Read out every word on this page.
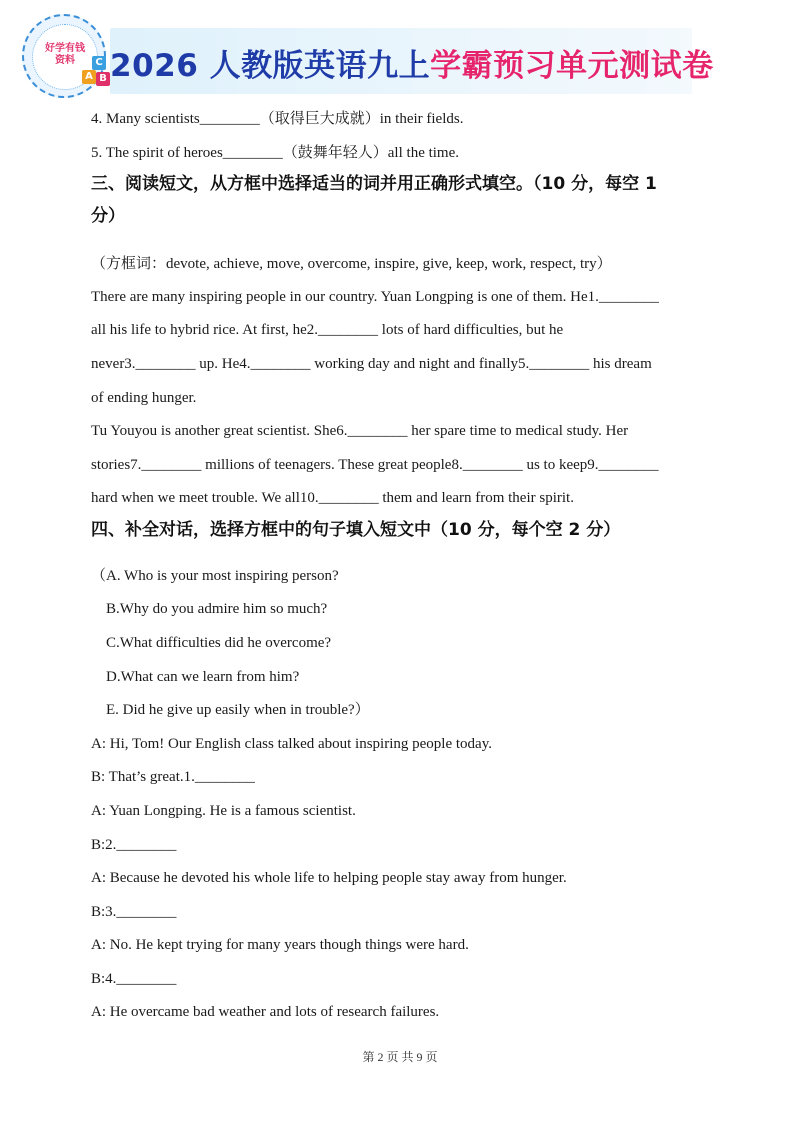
好学有钱
资料
A
C
B 2026 人教版英语九上学霸预习单元测试卷
4. Many scientists________（取得巨大成就）in their fields.
5. The spirit of heroes________（鼓舞年轻人）all the time.
三、阅读短文，从方框中选择适当的词并用正确形式填空。（10 分，每空 1
分）
（方框词：devote, achieve, move, overcome, inspire, give, keep, work, respect, try）
There are many inspiring people in our country. Yuan Longping is one of them. He1.________
all his life to hybrid rice. At first, he2.________ lots of hard difficulties, but he
never3.________ up. He4.________ working day and night and finally5.________ his dream
of ending hunger.
Tu Youyou is another great scientist. She6.________ her spare time to medical study. Her
stories7.________ millions of teenagers. These great people8.________ us to keep9.________
hard when we meet trouble. We all10.________ them and learn from their spirit.
四、补全对话，选择方框中的句子填入短文中（10 分，每个空 2 分）
（A. Who is your most inspiring person?
B.Why do you admire him so much?
C.What difficulties did he overcome?
D.What can we learn from him?
E. Did he give up easily when in trouble?）
A: Hi, Tom! Our English class talked about inspiring people today.
B: That’s great.1.________
A: Yuan Longping. He is a famous scientist.
B:2.________
A: Because he devoted his whole life to helping people stay away from hunger.
B:3.________
A: No. He kept trying for many years though things were hard.
B:4.________
A: He overcame bad weather and lots of research failures.
第 2 页 共 9 页
